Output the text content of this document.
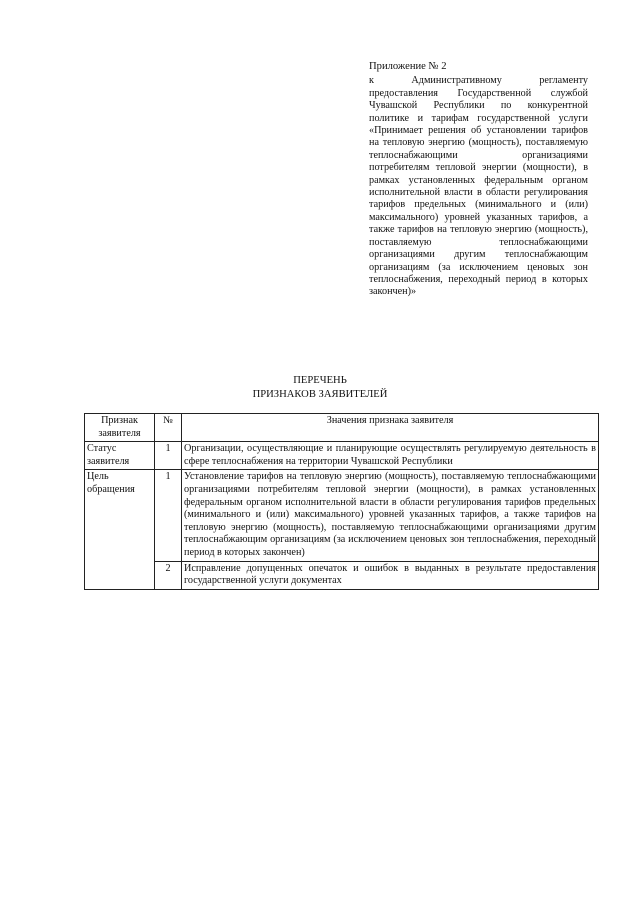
Приложение № 2

к Административному регламенту предоставления Государственной службой Чувашской Республики по конкурентной политике и тарифам государственной услуги «Принимает решения об установлении тарифов на тепловую энергию (мощность), поставляемую теплоснабжающими организациями потребителям тепловой энергии (мощности), в рамках установленных федеральным органом исполнительной власти в области регулирования тарифов предельных (минимального и (или) максимального) уровней указанных тарифов, а также тарифов на тепловую энергию (мощность), поставляемую теплоснабжающими организациями другим теплоснабжающим организациям (за исключением ценовых зон теплоснабжения, переходный период в которых закончен)»

ПЕРЕЧЕНЬ
ПРИЗНАКОВ ЗАЯВИТЕЛЕЙ
Признак заявителя	№	Значения признака заявителя
Статус заявителя	1	Организации, осуществляющие и планирующие осуществлять регулируемую деятельность в сфере теплоснабжения на территории Чувашской Республики
Цель обращения	1	Установление тарифов на тепловую энергию (мощность), поставляемую теплоснабжающими организациями потребителям тепловой энергии (мощности), в рамках установленных федеральным органом исполнительной власти в области регулирования тарифов предельных (минимального и (или) максимального) уровней указанных тарифов, а также тарифов на тепловую энергию (мощность), поставляемую теплоснабжающими организациями другим теплоснабжающим организациям (за исключением ценовых зон теплоснабжения, переходный период в которых закончен)
	2	Исправление допущенных опечаток и ошибок в выданных в результате предоставления государственной услуги документах
